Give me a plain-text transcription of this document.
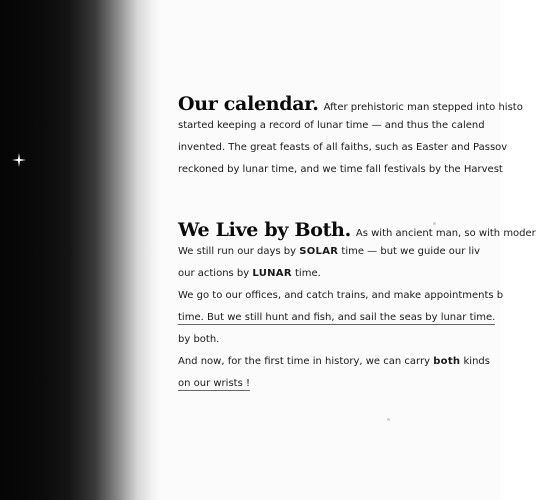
Our calendar. After prehistoric man stepped into histo
started keeping a record of lunar time — and thus the calend
invented. The great feasts of all faiths, such as Easter and Passov
reckoned by lunar time, and we time fall festivals by the Harvest
We Live by Both. As with ancient man, so with moder
We still run our days by SOLAR time — but we guide our liv
our actions by LUNAR time.
We go to our offices, and catch trains, and make appointments b
time. But we still hunt and fish, and sail the seas by lunar time.
by both.
And now, for the first time in history, we can carry both kinds
on our wrists !
